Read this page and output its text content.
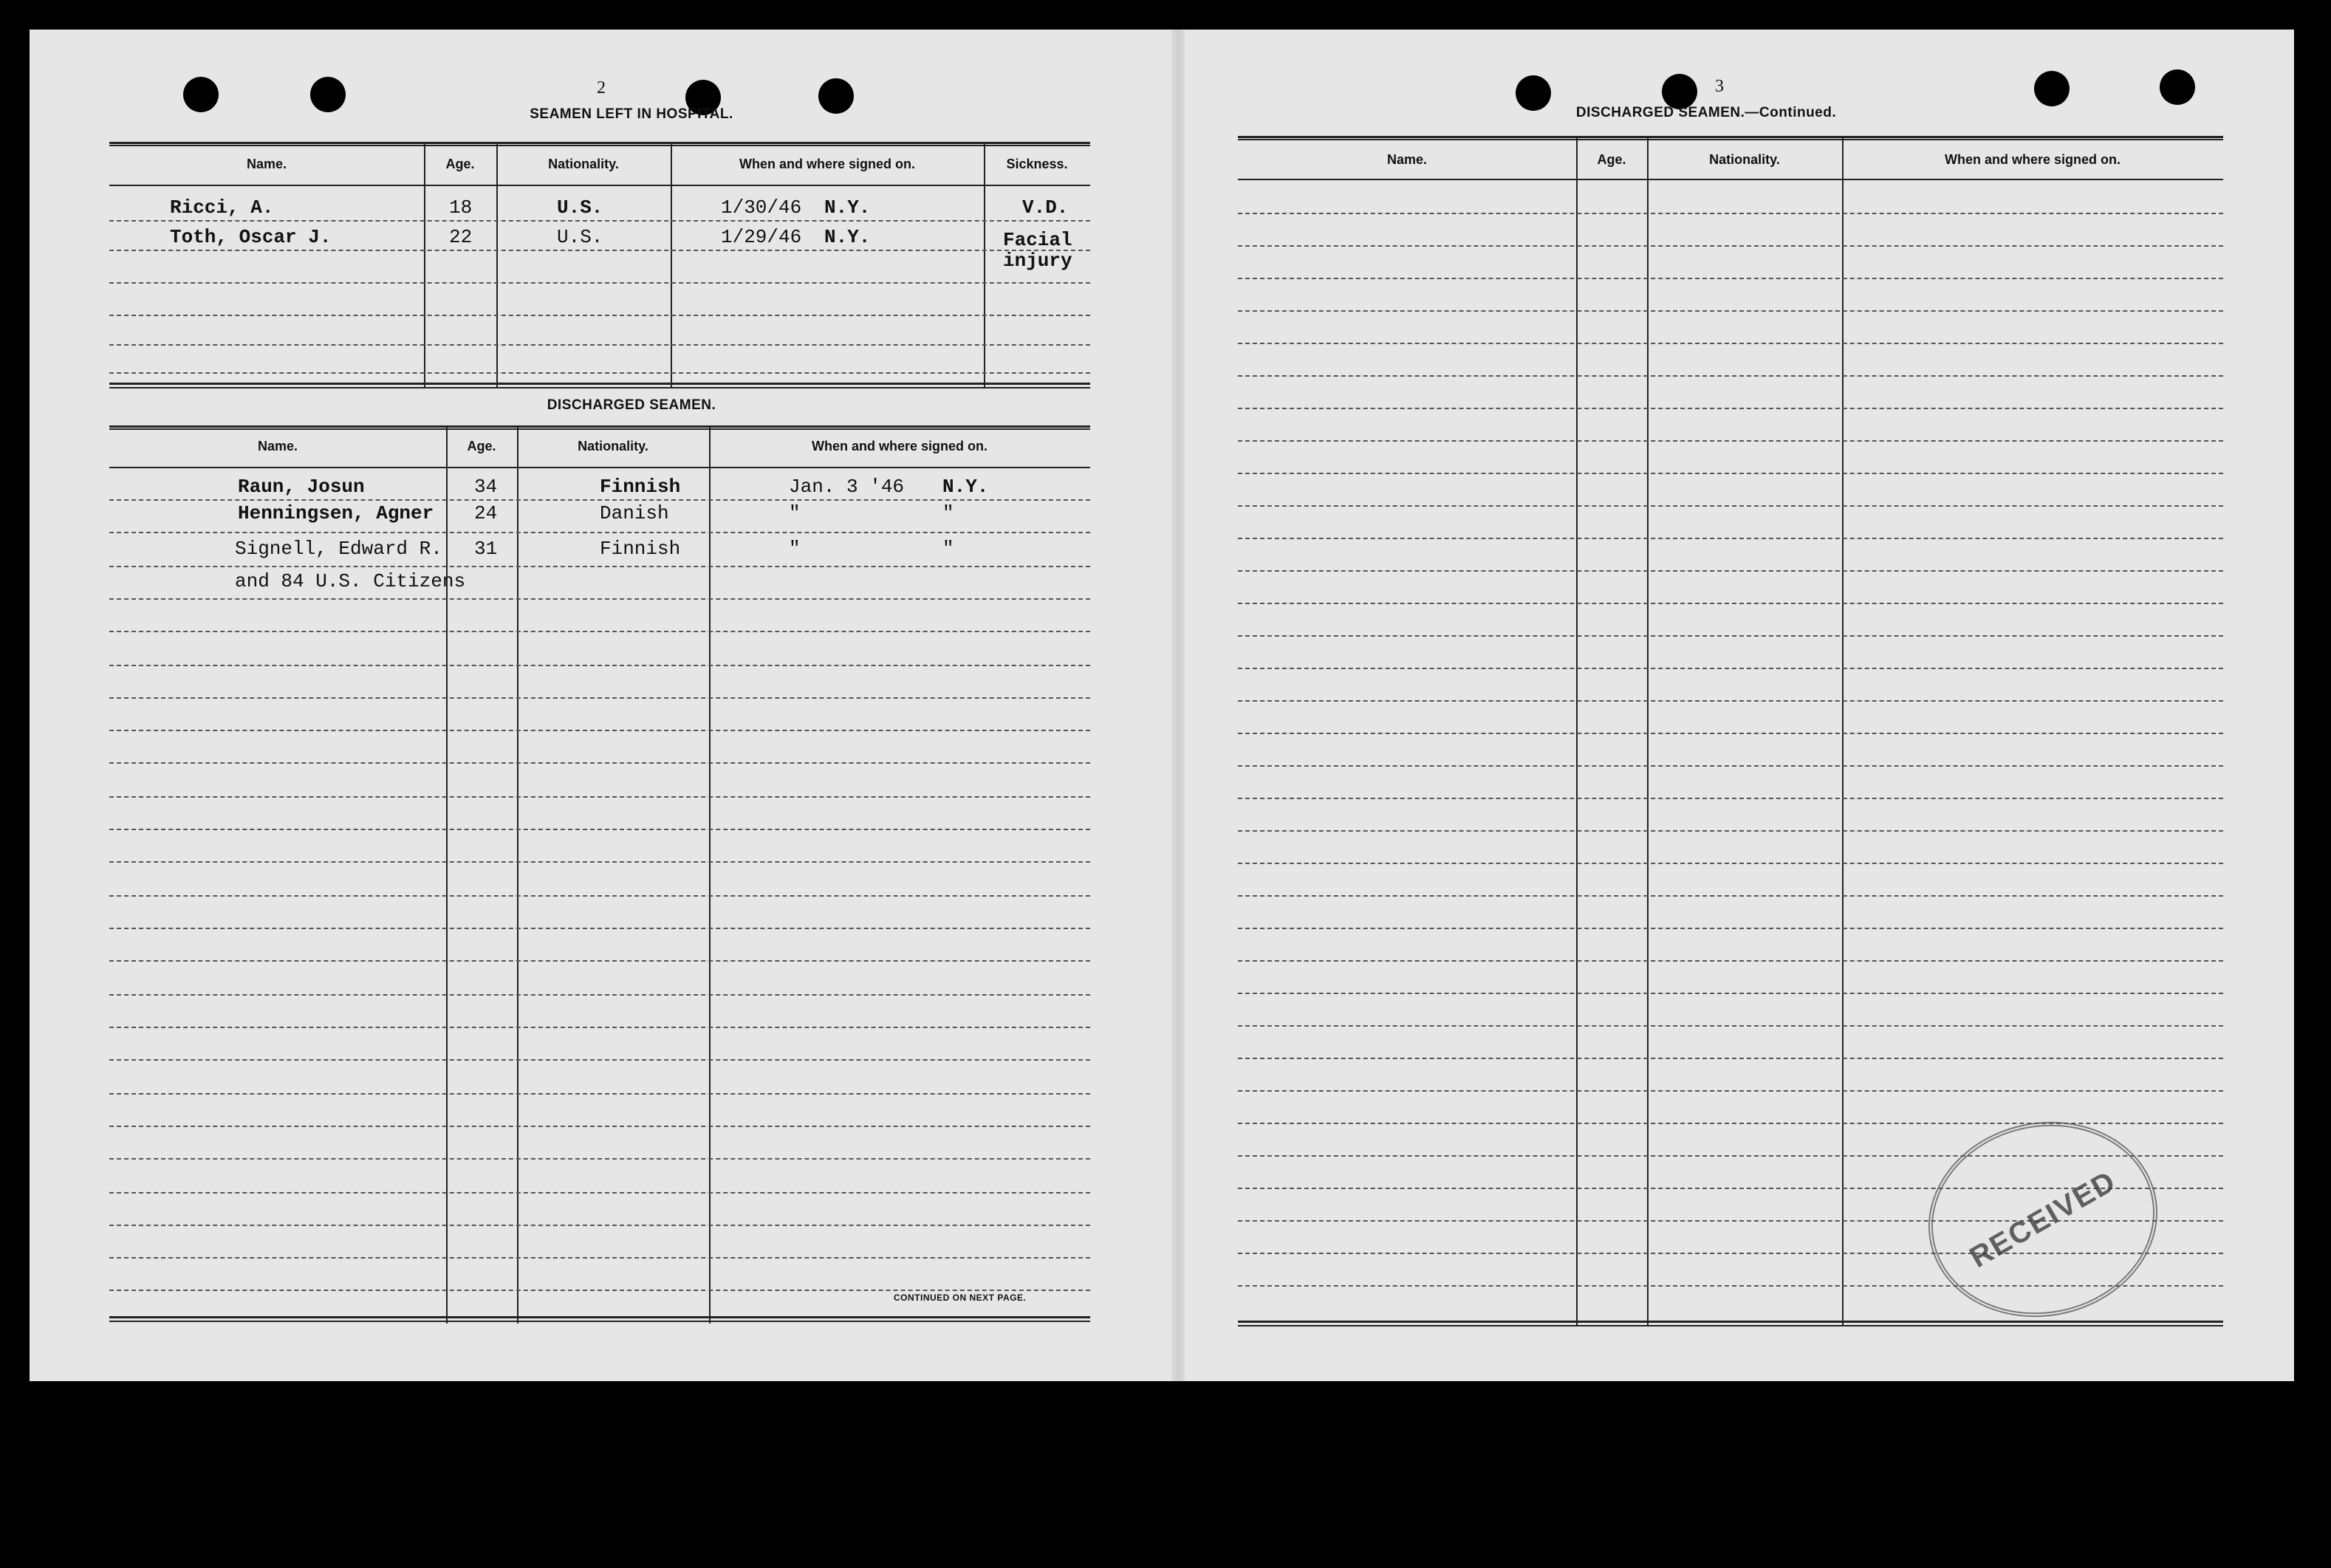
2
SEAMEN LEFT IN HOSPITAL.
Name.	Age.	Nationality.	When and where signed on.	Sickness.
Ricci, A.	18	U.S.	1/30/46 N.Y.	V.D.
Toth, Oscar J.	22	U.S.	1/29/46 N.Y.	Facial
injury
DISCHARGED SEAMEN.
Name.	Age.	Nationality.	When and where signed on.
Raun, Josun	34	Finnish	Jan. 3 '46 N.Y.
Henningsen, Agner 24	Danish	"	"
Signell, Edward R. 31	Finnish	"	"
and 84 U.S. Citizens
CONTINUED ON NEXT PAGE.
3
DISCHARGED SEAMEN.—Continued.
Name.	Age.	Nationality.	When and where signed on.
RECEIVED
